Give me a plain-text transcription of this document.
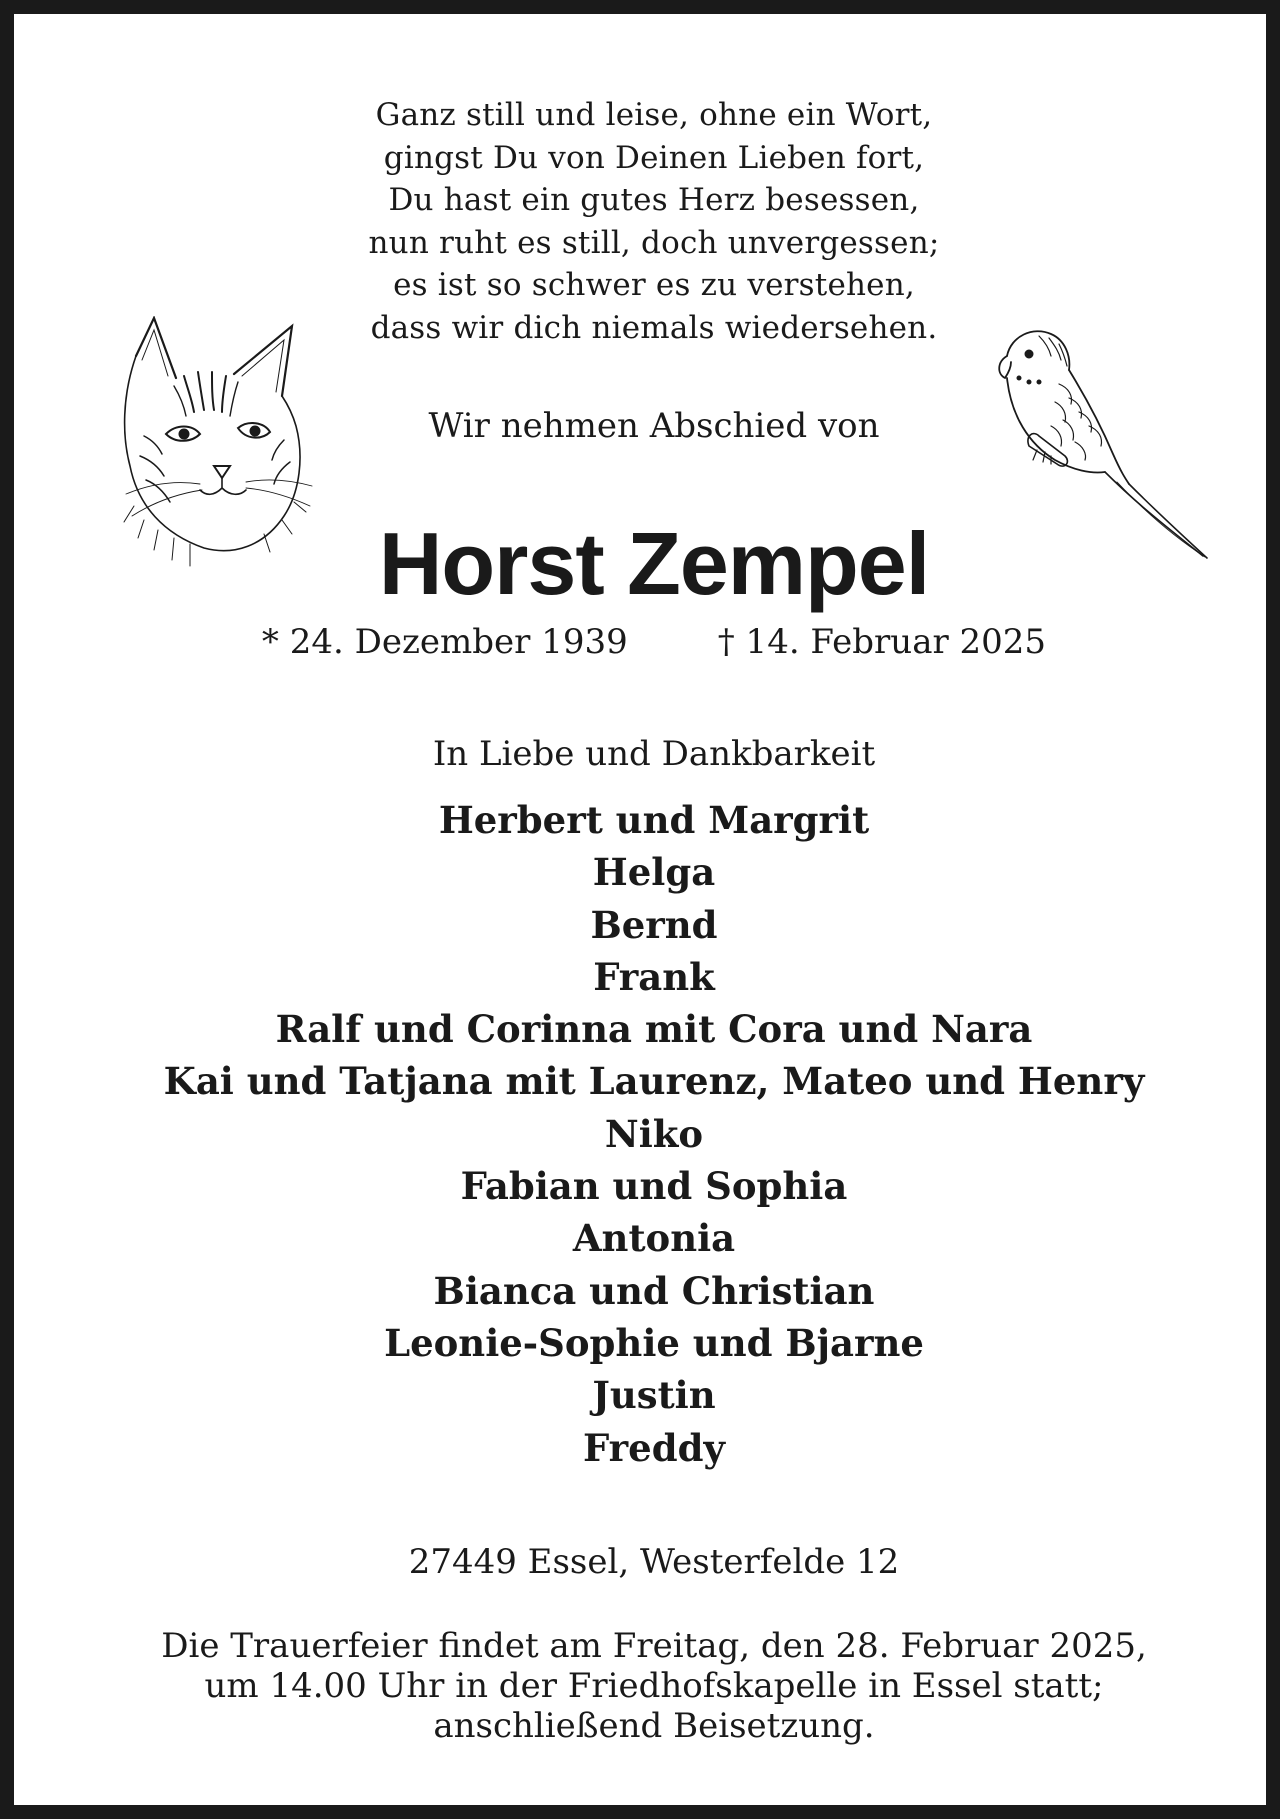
Ganz still und leise, ohne ein Wort,
gingst Du von Deinen Lieben fort,
Du hast ein gutes Herz besessen,
nun ruht es still, doch unvergessen;
es ist so schwer es zu verstehen,
dass wir dich niemals wiedersehen.
Wir nehmen Abschied von
Horst Zempel
* 24. Dezember 1939	† 14. Februar 2025
In Liebe und Dankbarkeit
Herbert und Margrit
Helga
Bernd
Frank
Ralf und Corinna mit Cora und Nara
Kai und Tatjana mit Laurenz, Mateo und Henry
Niko
Fabian und Sophia
Antonia
Bianca und Christian
Leonie-Sophie und Bjarne
Justin
Freddy
27449 Essel, Westerfelde 12
Die Trauerfeier findet am Freitag, den 28. Februar 2025,
um 14.00 Uhr in der Friedhofskapelle in Essel statt;
anschließend Beisetzung.
